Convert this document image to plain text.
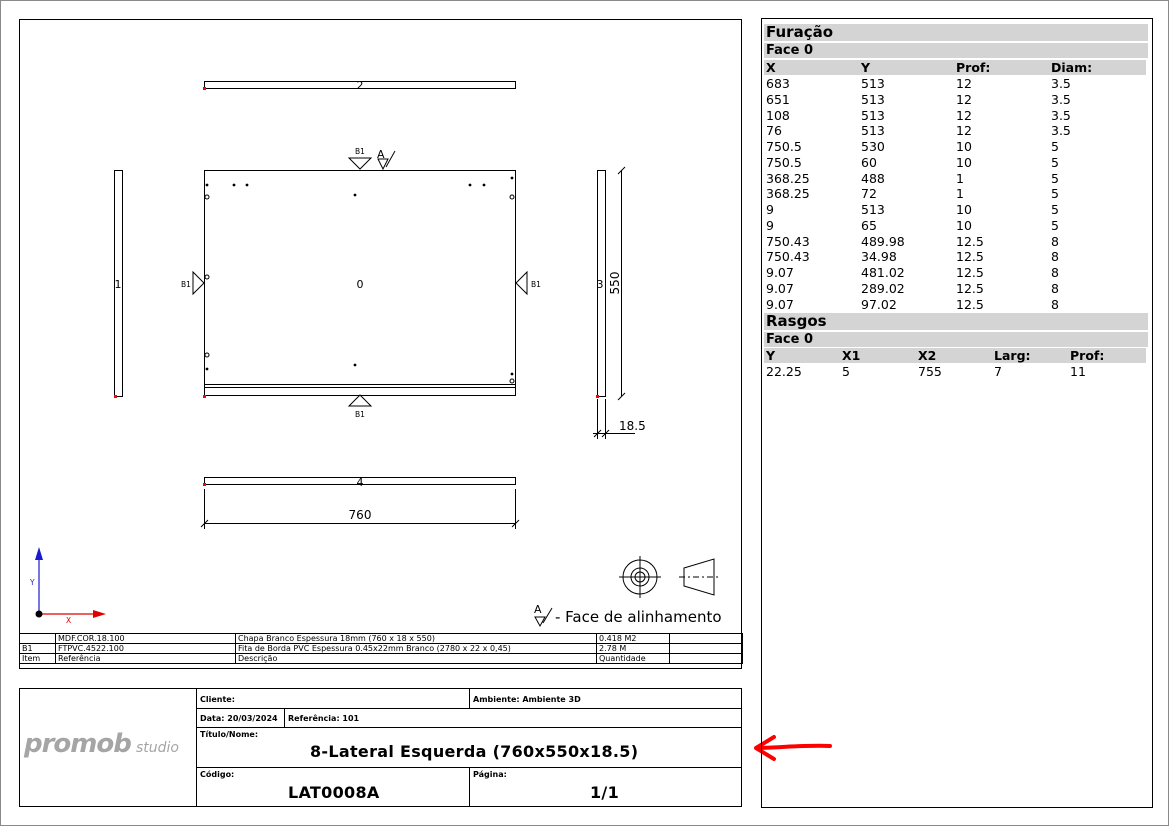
2
1	0	3
4
760
550
18.5
B1
B1
B1	B1
A
A - Face de alinhamento
Y
X
	MDF.COR.18.100	Chapa Branco Espessura 18mm (760 x 18 x 550)	0.418 M2	
B1	FTPVC.4522.100	Fita de Borda PVC Espessura 0.45x22mm Branco (2780 x 22 x 0,45)	2.78 M	
Item	Referência	Descrição	Quantidade	
promob studio
Cliente:	Ambiente: Ambiente 3D
Data: 20/03/2024 Referência: 101
Título/Nome:
8-Lateral Esquerda (760x550x18.5)
Código:
LAT0008A
Página:
1/1
Furação
Face 0
X	Y	Prof:	Diam:
683	513	12	3.5
651	513	12	3.5
108	513	12	3.5
76	513	12	3.5
750.5	530	10	5
750.5	60	10	5
368.25	488	1	5
368.25	72	1	5
9	513	10	5
9	65	10	5
750.43	489.98	12.5	8
750.43	34.98	12.5	8
9.07	481.02	12.5	8
9.07	289.02	12.5	8
9.07	97.02	12.5	8
Rasgos
Face 0
Y	X1	X2	Larg:	Prof:
22.25	5	755	7	11
